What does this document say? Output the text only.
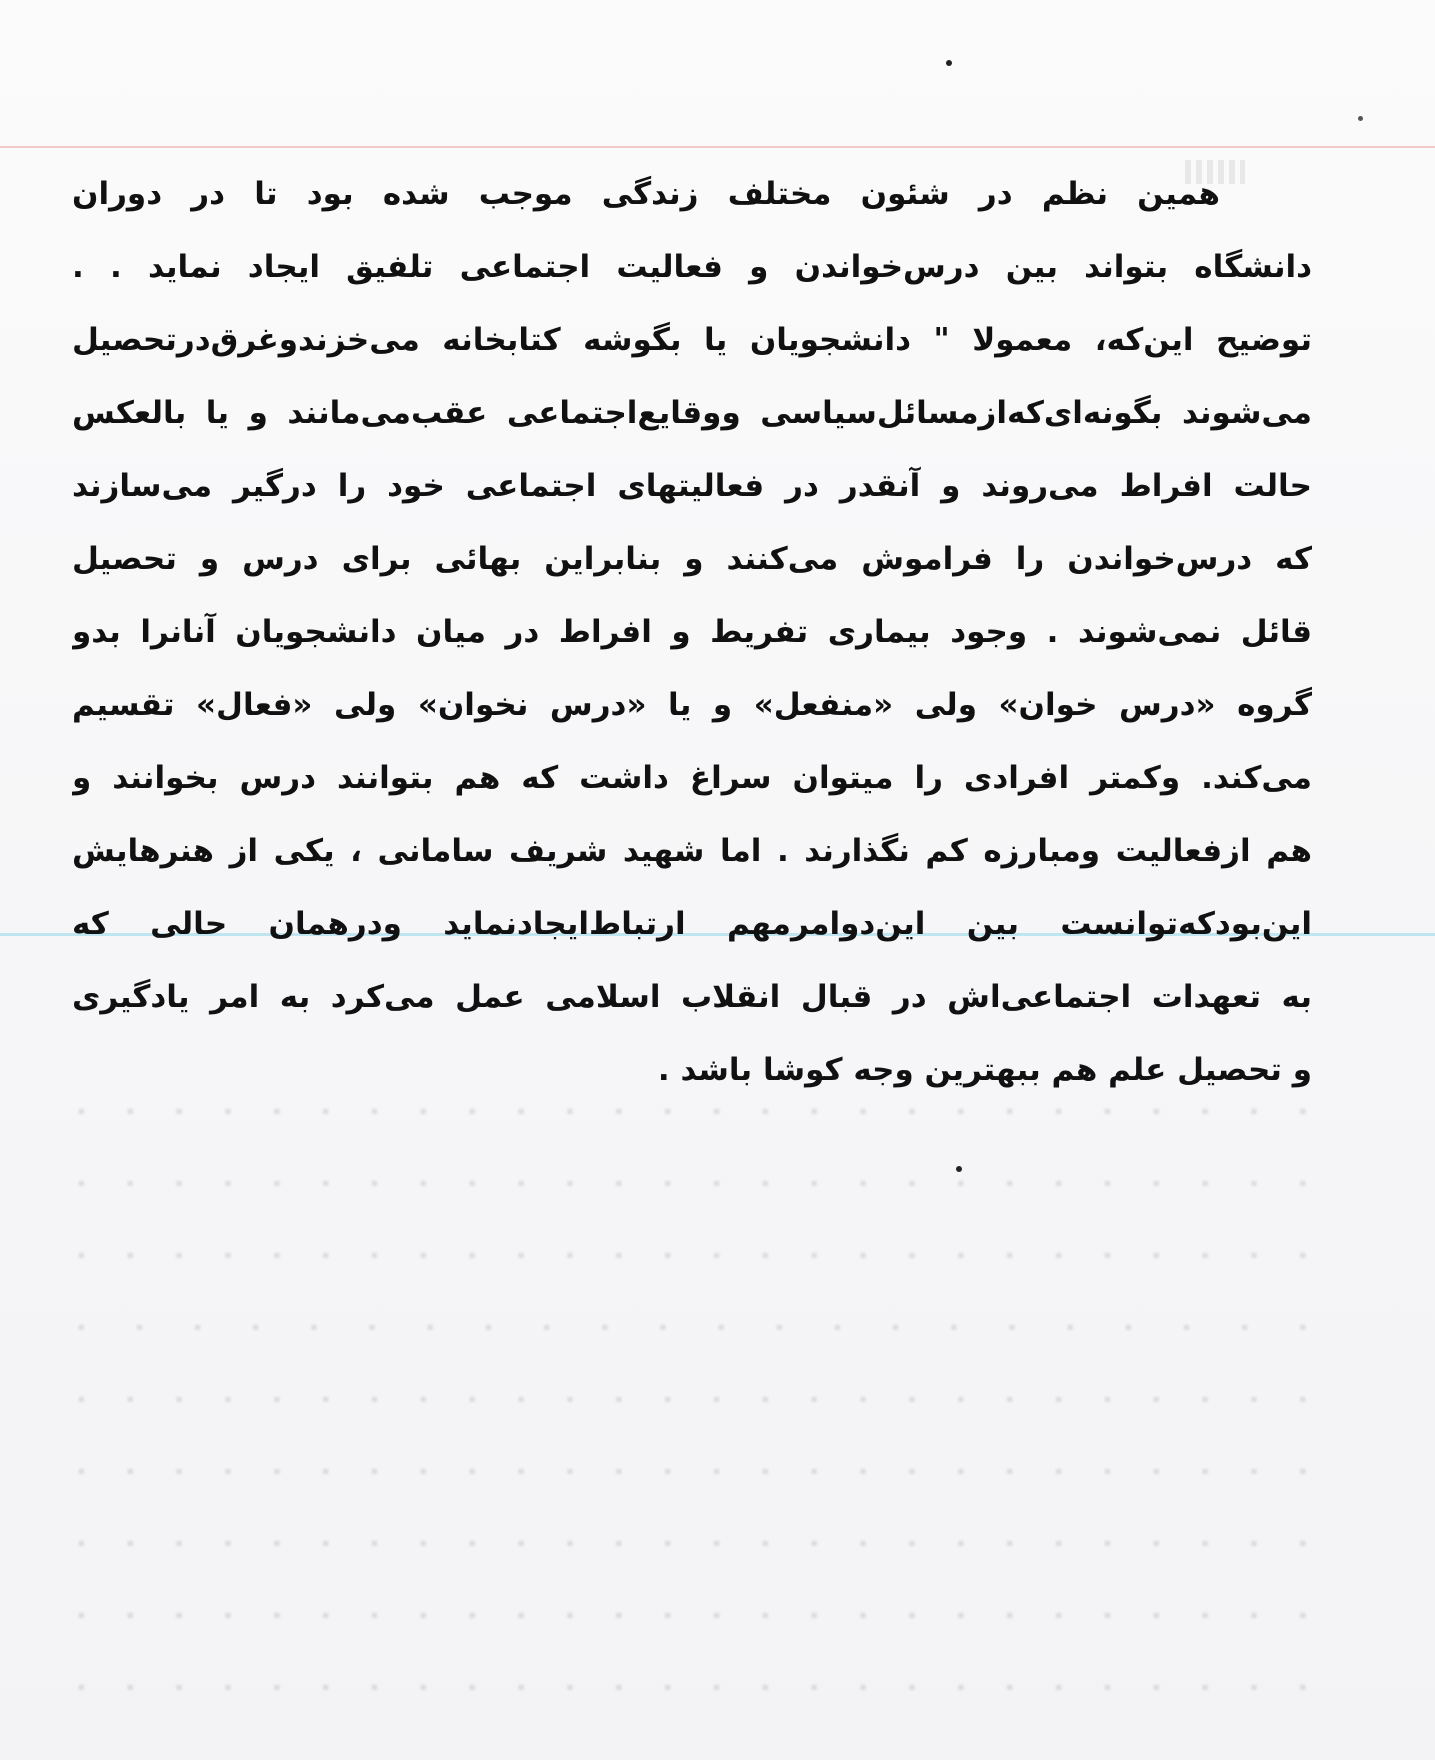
همین نظم در شئون مختلف زندگی موجب شده بود تا در دوران
دانشگاه بتواند بین درس‌خواندن و فعالیت اجتماعی تلفیق ایجاد نماید . .
توضیح این‌که، معمولا " دانشجویان یا بگوشه کتابخانه می‌خزندوغرق‌درتحصیل
می‌شوند بگونه‌ای‌که‌ازمسائل‌سیاسی ووقایع‌اجتماعی عقب‌می‌مانند و یا بالعکس
حالت افراط‌ می‌روند و آنقدر در فعالیتهای اجتماعی خود را درگیر می‌سازند
که درس‌خواندن را فراموش می‌کنند و بنابراین بهائی برای درس و تحصیل
قائل نمی‌شوند . وجود بیماری تفریط و افراط در میان دانشجویان آنانرا بدو
گروه «درس خوان» ولی «منفعل» و یا «درس نخوان» ولی «فعال» تقسیم
می‌کند. وکمتر افرادی را میتوان سراغ داشت که هم بتوانند درس بخوانند و
هم ازفعالیت ومبارزه کم نگذارند . اما شهید شریف سامانی ، یکی از هنرهایش
این‌بودکه‌توانست بین این‌دوامرمهم ارتباط‌ایجادنماید ودرهمان حالی که
به تعهدات اجتماعی‌اش در قبال انقلاب اسلامی عمل می‌کرد به امر یادگیری
و تحصیل علم هم ببهترین وجه کوشا باشد .
۰ ۰ ۰ ۰ ۰ ۰ ۰ ۰ ۰ ۰ ۰ ۰ ۰ ۰ ۰ ۰ ۰ ۰ ۰ ۰ ۰ ۰ ۰ ۰ ۰ ۰
۰ ۰ ۰ ۰ ۰ ۰ ۰ ۰ ۰ ۰ ۰ ۰ ۰ ۰ ۰ ۰ ۰ ۰ ۰ ۰ ۰ ۰ ۰ ۰ ۰ ۰
۰ ۰ ۰ ۰ ۰ ۰ ۰ ۰ ۰ ۰ ۰ ۰ ۰ ۰ ۰ ۰ ۰ ۰ ۰ ۰ ۰ ۰ ۰ ۰ ۰ ۰
۰ ۰ ۰ ۰ ۰ ۰ ۰ ۰ ۰ ۰ ۰ ۰ ۰ ۰ ۰ ۰ ۰ ۰ ۰ ۰ ۰ ۰
۰ ۰ ۰ ۰ ۰ ۰ ۰ ۰ ۰ ۰ ۰ ۰ ۰ ۰ ۰ ۰ ۰ ۰ ۰ ۰ ۰ ۰ ۰ ۰ ۰ ۰
۰ ۰ ۰ ۰ ۰ ۰ ۰ ۰ ۰ ۰ ۰ ۰ ۰ ۰ ۰ ۰ ۰ ۰ ۰ ۰ ۰ ۰ ۰ ۰ ۰ ۰
۰ ۰ ۰ ۰ ۰ ۰ ۰ ۰ ۰ ۰ ۰ ۰ ۰ ۰ ۰ ۰ ۰ ۰ ۰ ۰ ۰ ۰ ۰ ۰ ۰ ۰
۰ ۰ ۰ ۰ ۰ ۰ ۰ ۰ ۰ ۰ ۰ ۰ ۰ ۰ ۰ ۰ ۰ ۰ ۰ ۰ ۰ ۰ ۰ ۰ ۰ ۰
۰ ۰ ۰ ۰ ۰ ۰ ۰ ۰ ۰ ۰ ۰ ۰ ۰ ۰ ۰ ۰ ۰ ۰ ۰ ۰ ۰ ۰ ۰ ۰ ۰ ۰
